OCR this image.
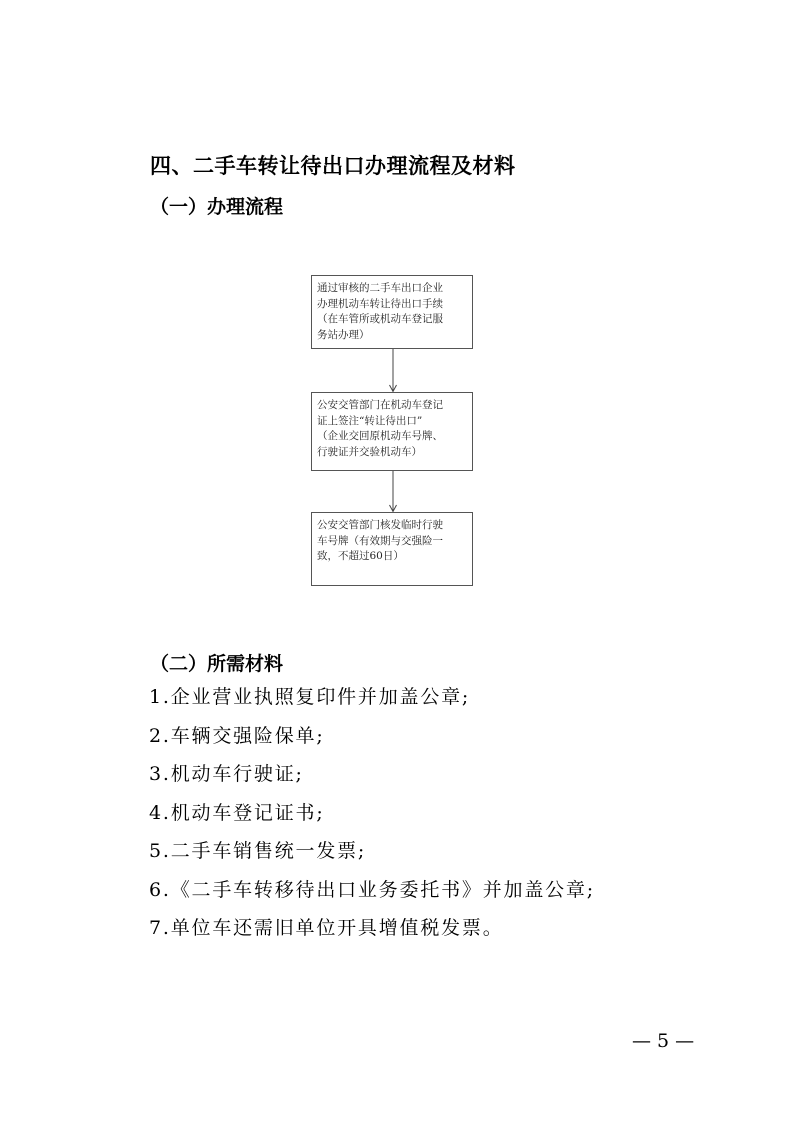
四、二手车转让待出口办理流程及材料
（一）办理流程
通过审核的二手车出口企业
办理机动车转让待出口手续
（在车管所或机动车登记服
务站办理）
公安交管部门在机动车登记
证上签注“转让待出口”
（企业交回原机动车号牌、
行驶证并交验机动车）
公安交管部门核发临时行驶
车号牌（有效期与交强险一
致，不超过60日）
（二）所需材料
1.企业营业执照复印件并加盖公章;
2.车辆交强险保单;
3.机动车行驶证;
4.机动车登记证书;
5.二手车销售统一发票;
6.《二手车转移待出口业务委托书》并加盖公章;
7.单位车还需旧单位开具增值税发票。
— 5 —
